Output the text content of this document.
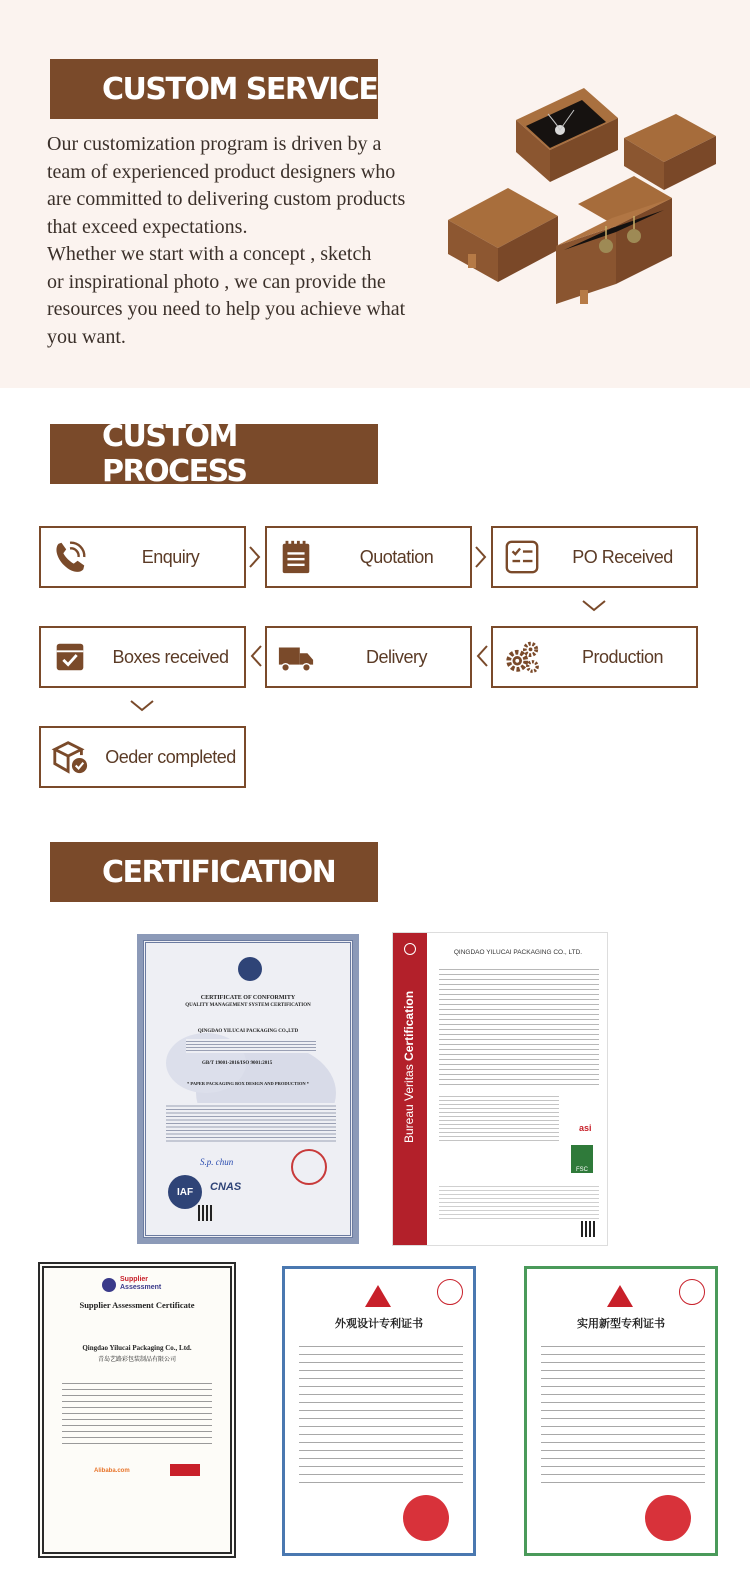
CUSTOM SERVICE

Our customization program is driven by a

team of experienced product designers who

are committed to delivering custom products

that exceed expectations.

Whether we start with a concept , sketch

or inspirational photo , we can provide the

resources you need to help you achieve what

you want.

CUSTOM PROCESS
Enquiry	Quotation	PO Received
Production
Delivery
Boxes received
Oeder completed
CERTIFICATION
CERTIFICATE OF CONFORMITY
QUALITY MANAGEMENT SYSTEM CERTIFICATION
QINGDAO YILUCAI PACKAGING CO.,LTD
GB/T 19001-2016/ISO 9001:2015
* PAPER PACKAGING BOX DESIGN AND PRODUCTION *
S.p. chun
IAF	CNAS
Bureau Veritas Certification
QINGDAO YILUCAI PACKAGING CO., LTD.
asi
FSC
Supplier
Assessment
Supplier Assessment Certificate
Qingdao Yilucai Packaging Co., Ltd.
青岛艺路彩包装制品有限公司
Alibaba.com
外观设计专利证书	实用新型专利证书
